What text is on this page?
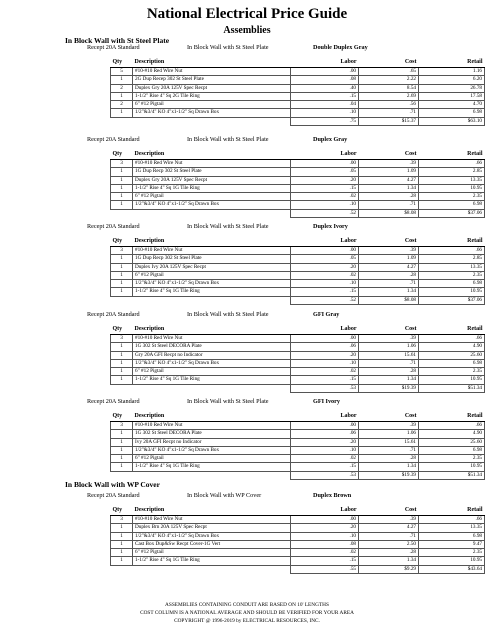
National Electrical Price Guide
Assemblies
In Block Wall with St Steel Plate
In Block Wall with WP Cover
Recept 20A Standard	In Block Wall with St Steel Plate	Double Duplex Gray
Qty	Description	Labor	Cost	Retail
5	#10-#10 Red Wire Nut	.00	.65	1.16
1	2G Dup Recep 302 St Steel Plate	.08	2.22	6.20
2	Duplex Gry 20A 125V Spec Recpt	.40	8.54	26.78
1	1-1/2" Rise 4" Sq 2G Tile Ring	.15	2.69	17.58
2	6" #12 Pigtail	.04	.56	4.70
1	1/2"&3/4" KO 4"x1-1/2" Sq Drawn Box	.10	.71	6.98
		.75	$15.37	$63.10
Recept 20A Standard	In Block Wall with St Steel Plate	Duplex Gray
Qty	Description	Labor	Cost	Retail
3	#10-#10 Red Wire Nut	.00	.39	.66
1	1G Dup Recp 302 St Steel Plate	.05	1.09	2.85
1	Duplex Gry 20A 125V Spec Recpt	.20	4.27	13.35
1	1-1/2" Rise 4" Sq 1G Tile Ring	.15	1.34	10.95
1	6" #12 Pigtail	.02	.28	2.35
1	1/2"&3/4" KO 4"x1-1/2" Sq Drawn Box	.10	.71	6.98
		.52	$8.08	$37.06
Recept 20A Standard	In Block Wall with St Steel Plate	Duplex Ivory
Qty	Description	Labor	Cost	Retail
3	#10-#10 Red Wire Nut	.00	.39	.66
1	1G Dup Recp 302 St Steel Plate	.05	1.09	2.85
1	Duplex Ivy 20A 125V Spec Recpt	.20	4.27	13.35
1	6" #12 Pigtail	.02	.28	2.35
1	1/2"&3/4" KO 4"x1-1/2" Sq Drawn Box	.10	.71	6.98
1	1-1/2" Rise 4" Sq 1G Tile Ring	.15	1.34	10.95
		.52	$8.08	$37.06
Recept 20A Standard	In Block Wall with St Steel Plate	GFI Gray
Qty	Description	Labor	Cost	Retail
3	#10-#10 Red Wire Nut	.00	.39	.66
1	1G 302 St Steel DECORA Plate	.06	1.06	4.90
1	Gry 20A GFI Recpt no Indicator	.20	15.61	25.60
1	1/2"&3/4" KO 4"x1-1/2" Sq Drawn Box	.10	.71	6.98
1	6" #12 Pigtail	.02	.28	2.35
1	1-1/2" Rise 4" Sq 1G Tile Ring	.15	1.34	10.95
		.53	$19.39	$51.34
Recept 20A Standard	In Block Wall with St Steel Plate	GFI Ivory
Qty	Description	Labor	Cost	Retail
3	#10-#10 Red Wire Nut	.00	.39	.66
1	1G 302 St Steel DECORA Plate	.06	1.06	4.90
1	Ivy 20A GFI Recpt no Indicator	.20	15.61	25.60
1	1/2"&3/4" KO 4"x1-1/2" Sq Drawn Box	.10	.71	6.98
1	6" #12 Pigtail	.02	.28	2.35
1	1-1/2" Rise 4" Sq 1G Tile Ring	.15	1.34	10.95
		.53	$19.39	$51.34
Recept 20A Standard	In Block Wall with WP Cover	Duplex Brown
Qty	Description	Labor	Cost	Retail
3	#10-#10 Red Wire Nut	.00	.39	.66
1	Duplex Brn 20A 125V Spec Recpt	.20	4.27	13.35
1	1/2"&3/4" KO 4"x1-1/2" Sq Drawn Box	.10	.71	6.98
1	Cast Box Dup&Sw Recpt Cover-1G Vert	.08	2.50	9.47
1	6" #12 Pigtail	.02	.28	2.35
1	1-1/2" Rise 4" Sq 1G Tile Ring	.15	1.34	10.95
		.55	$9.29	$43.64
ASSEMBLIES CONTAINING CONDUIT ARE BASED ON 10' LENGTHS
COST COLUMN IS A NATIONAL AVERAGE AND SHOULD BE VERIFIED FOR YOUR AREA
COPYRIGHT @ 1996-2019 by ELECTRICAL RESOURCES, INC.
